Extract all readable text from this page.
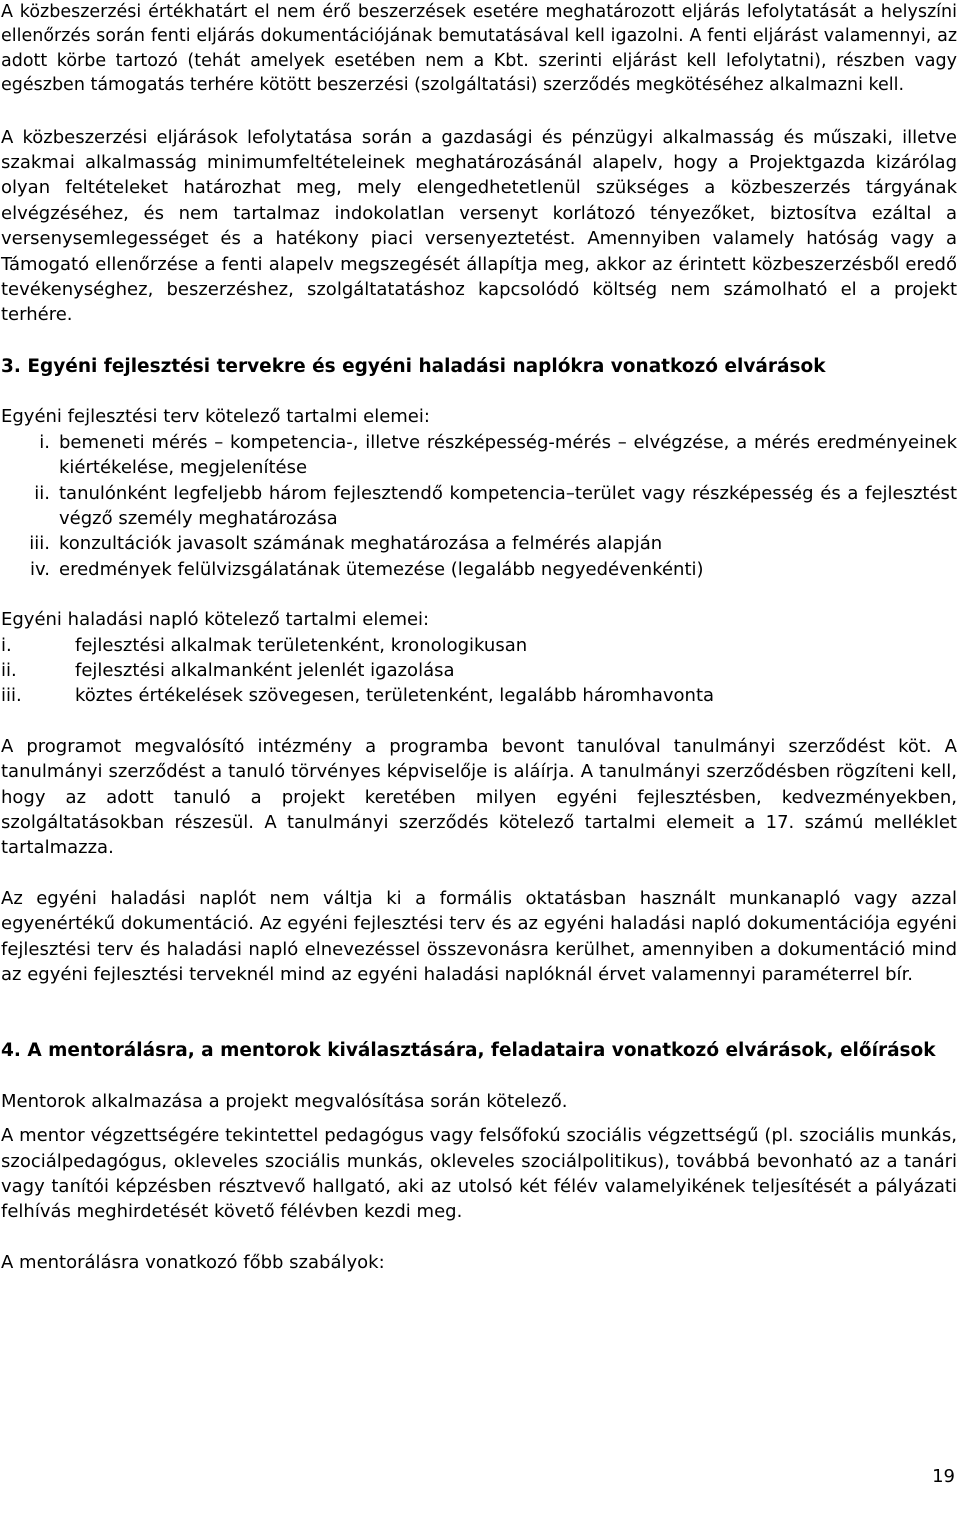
A közbeszerzési értékhatárt el nem érő beszerzések esetére meghatározott eljárás lefolytatását a helyszíni ellenőrzés során fenti eljárás dokumentációjának bemutatásával kell igazolni. A fenti eljárást valamennyi, az adott körbe tartozó (tehát amelyek esetében nem a Kbt. szerinti eljárást kell lefolytatni), részben vagy egészben támogatás terhére kötött beszerzési (szolgáltatási) szerződés megkötéséhez alkalmazni kell.

A közbeszerzési eljárások lefolytatása során a gazdasági és pénzügyi alkalmasság és műszaki, illetve szakmai alkalmasság minimumfeltételeinek meghatározásánál alapelv, hogy a Projektgazda kizárólag olyan feltételeket határozhat meg, mely elengedhetetlenül szükséges a közbeszerzés tárgyának elvégzéséhez, és nem tartalmaz indokolatlan versenyt korlátozó tényezőket, biztosítva ezáltal a versenysemlegességet és a hatékony piaci versenyeztetést. Amennyiben valamely hatóság vagy a Támogató ellenőrzése a fenti alapelv megszegését állapítja meg, akkor az érintett közbeszerzésből eredő tevékenységhez, beszerzéshez, szolgáltatatáshoz kapcsolódó költség nem számolható el a projekt terhére.

3. Egyéni fejlesztési tervekre és egyéni haladási naplókra vonatkozó elvárások

Egyéni fejlesztési terv kötelező tartalmi elemei:

i. bemeneti mérés – kompetencia-, illetve részképesség-mérés – elvégzése, a mérés eredményeinek kiértékelése, megjelenítése
ii. tanulónként legfeljebb három fejlesztendő kompetencia–terület vagy részképesség és a fejlesztést végző személy meghatározása
iii. konzultációk javasolt számának meghatározása a felmérés alapján
iv. eredmények felülvizsgálatának ütemezése (legalább negyedévenkénti)

Egyéni haladási napló kötelező tartalmi elemei:

i.	fejlesztési alkalmak területenként, kronologikusan
ii.	fejlesztési alkalmanként jelenlét igazolása
iii.	köztes értékelések szövegesen, területenként, legalább háromhavonta

A programot megvalósító intézmény a programba bevont tanulóval tanulmányi szerződést köt. A tanulmányi szerződést a tanuló törvényes képviselője is aláírja. A tanulmányi szerződésben rögzíteni kell, hogy az adott tanuló a projekt keretében milyen egyéni fejlesztésben, kedvezményekben, szolgáltatásokban részesül. A tanulmányi szerződés kötelező tartalmi elemeit a 17. számú melléklet tartalmazza.

Az egyéni haladási naplót nem váltja ki a formális oktatásban használt munkanapló vagy azzal egyenértékű dokumentáció. Az egyéni fejlesztési terv és az egyéni haladási napló dokumentációja egyéni fejlesztési terv és haladási napló elnevezéssel összevonásra kerülhet, amennyiben a dokumentáció mind az egyéni fejlesztési terveknél mind az egyéni haladási naplóknál érvet valamennyi paraméterrel bír.

4. A mentorálásra, a mentorok kiválasztására, feladataira vonatkozó elvárások, előírások

Mentorok alkalmazása a projekt megvalósítása során kötelező.

A mentor végzettségére tekintettel pedagógus vagy felsőfokú szociális végzettségű (pl. szociális munkás, szociálpedagógus, okleveles szociális munkás, okleveles szociálpolitikus), továbbá bevonható az a tanári vagy tanítói képzésben résztvevő hallgató, aki az utolsó két félév valamelyikének teljesítését a pályázati felhívás meghirdetését követő félévben kezdi meg.

A mentorálásra vonatkozó főbb szabályok:

19
